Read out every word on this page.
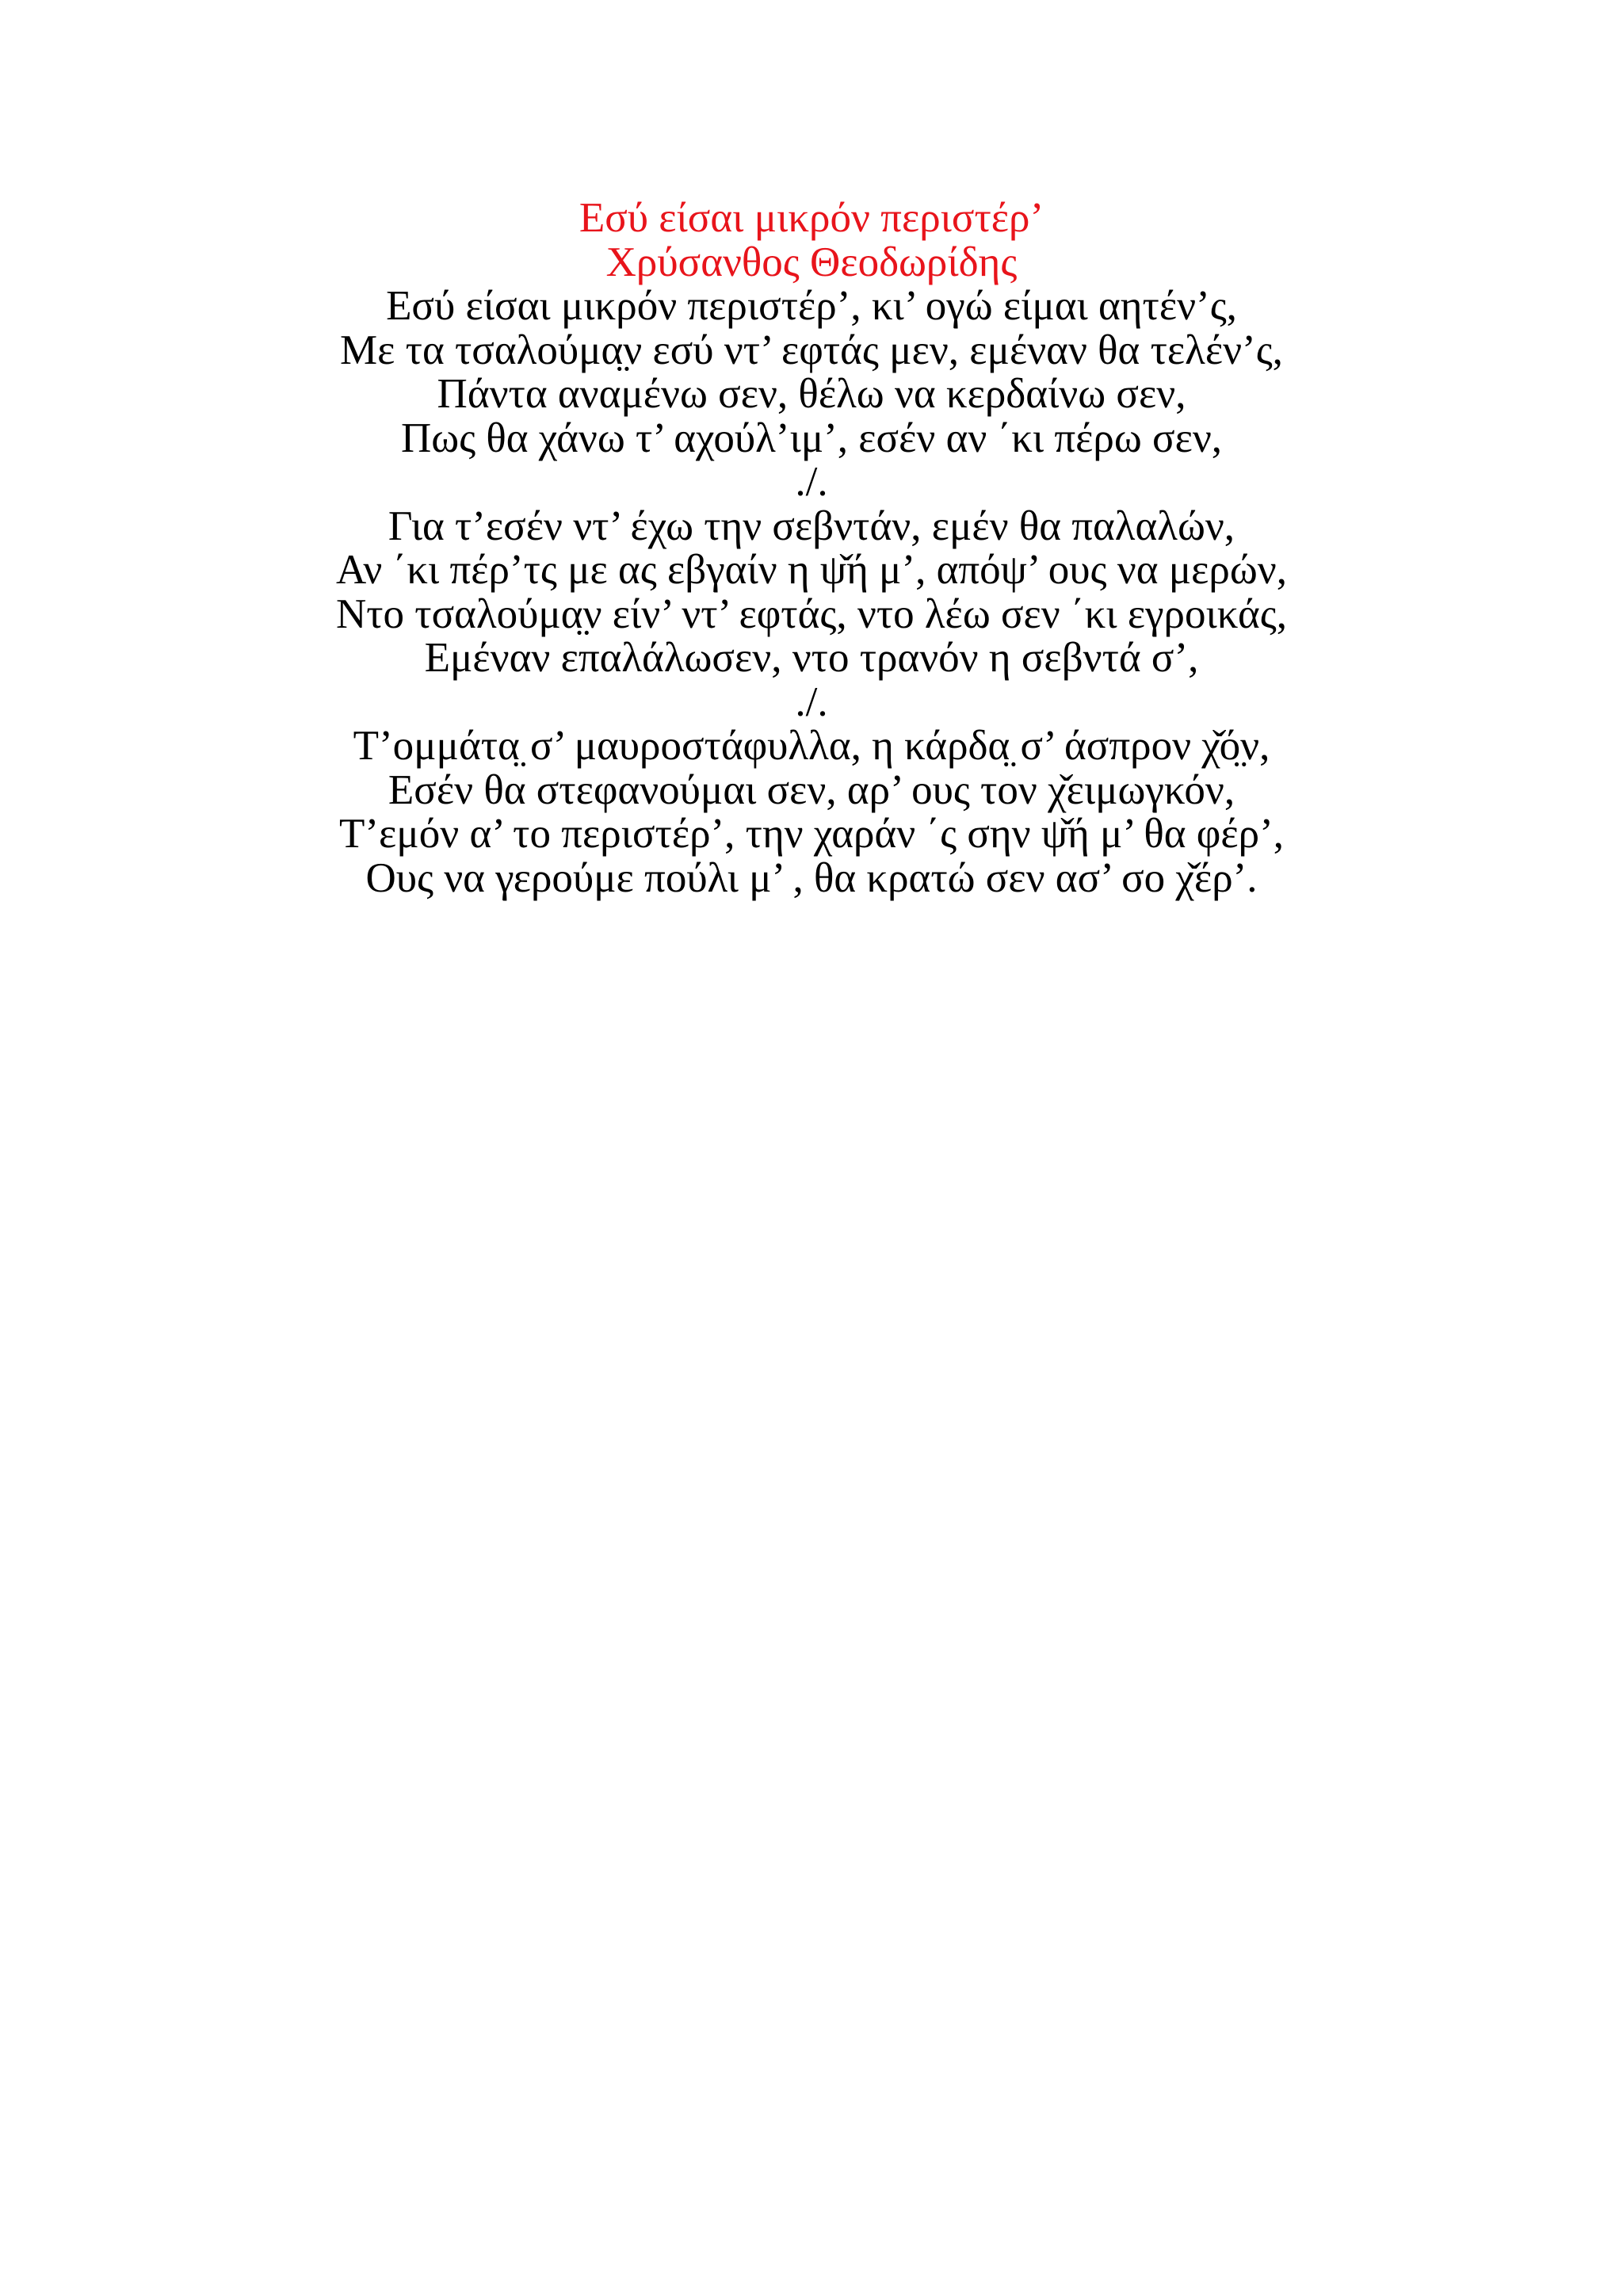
Εσύ είσαι μικρόν περιστέρ’
Χρύσανθος Θεοδωρίδης
Εσύ είσαι μικρόν περιστέρ’, κι’ ογώ είμαι αητέν’ς,
Με τα τσαλούμα̤ν εσύ ντ’ εφτάς μεν, εμέναν θα τελέν’ς,
Πάντα αναμένω σεν, θέλω να κερδαίνω σεν,
Πως θα χάνω τ’ αχούλ’ιμ’, εσέν αν ΄κι πέρω σεν,
./.
Για τ’εσέν ντ’ έχω την σεβντάν, εμέν θα παλαλών,
Αν ΄κι πέρ’τς με ας εβγαίν η ψ̌ή μ’, απόψ’ ους να μερών,
Ντο τσαλούμα̤ν είν’ ντ’ εφτάς, ντο λέω σεν ΄κι εγροικάς,
Εμέναν επαλάλωσεν, ντο τρανόν η σεβντά σ’,
./.
Τ’ομμάτα̤ σ’ μαυροστάφυλλα, η κάρδα̤ σ’ άσπρον χ̌ό̤ν,
Εσέν θα στεφανούμαι σεν, αρ’ ους τον χ̌ειμωγκόν,
Τ’εμόν α’ το περιστέρ’, την χαράν ΄ς σην ψ̌ή μ’ θα φέρ’,
Ους να γερούμε πούλι μ’ , θα κρατώ σεν ασ’ σο χ̌έρ’.
